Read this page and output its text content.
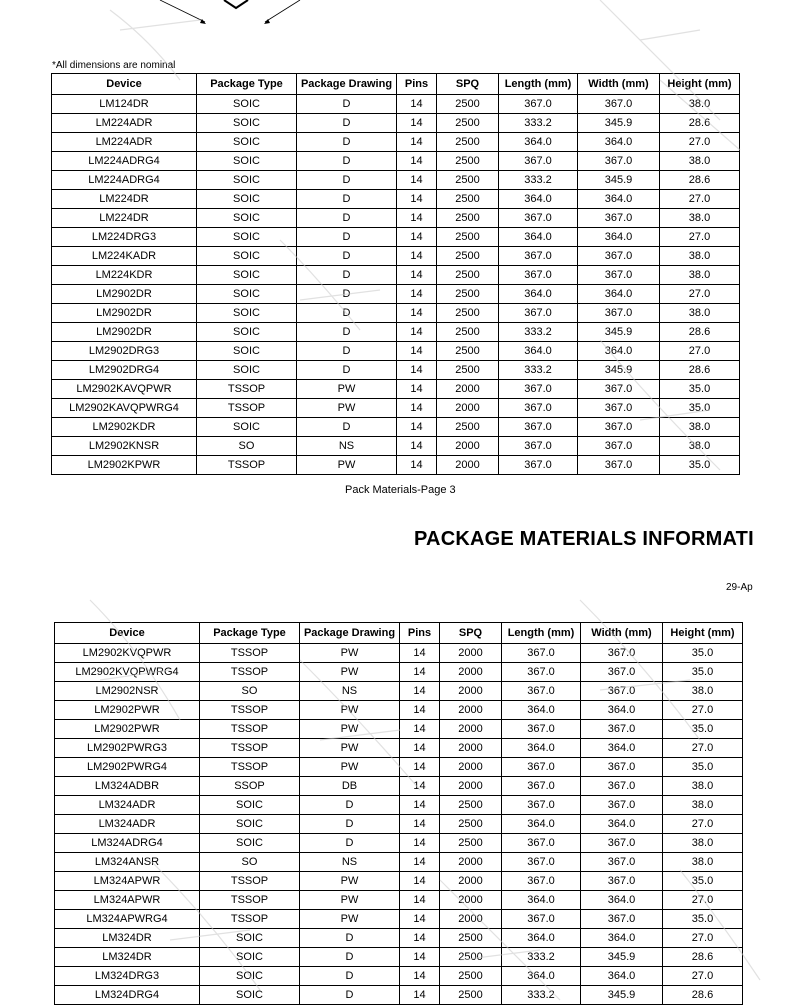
*All dimensions are nominal
Device	Package Type	Package Drawing	Pins	SPQ	Length (mm)	Width (mm)	Height (mm)
LM124DR	SOIC	D	14	2500	367.0	367.0	38.0
LM224ADR	SOIC	D	14	2500	333.2	345.9	28.6
LM224ADR	SOIC	D	14	2500	364.0	364.0	27.0
LM224ADRG4	SOIC	D	14	2500	367.0	367.0	38.0
LM224ADRG4	SOIC	D	14	2500	333.2	345.9	28.6
LM224DR	SOIC	D	14	2500	364.0	364.0	27.0
LM224DR	SOIC	D	14	2500	367.0	367.0	38.0
LM224DRG3	SOIC	D	14	2500	364.0	364.0	27.0
LM224KADR	SOIC	D	14	2500	367.0	367.0	38.0
LM224KDR	SOIC	D	14	2500	367.0	367.0	38.0
LM2902DR	SOIC	D	14	2500	364.0	364.0	27.0
LM2902DR	SOIC	D	14	2500	367.0	367.0	38.0
LM2902DR	SOIC	D	14	2500	333.2	345.9	28.6
LM2902DRG3	SOIC	D	14	2500	364.0	364.0	27.0
LM2902DRG4	SOIC	D	14	2500	333.2	345.9	28.6
LM2902KAVQPWR	TSSOP	PW	14	2000	367.0	367.0	35.0
LM2902KAVQPWRG4	TSSOP	PW	14	2000	367.0	367.0	35.0
LM2902KDR	SOIC	D	14	2500	367.0	367.0	38.0
LM2902KNSR	SO	NS	14	2000	367.0	367.0	38.0
LM2902KPWR	TSSOP	PW	14	2000	367.0	367.0	35.0
Pack Materials-Page 3
PACKAGE MATERIALS INFORMATI
29-Ap
Device	Package Type	Package Drawing	Pins	SPQ	Length (mm)	Width (mm)	Height (mm)
LM2902KVQPWR	TSSOP	PW	14	2000	367.0	367.0	35.0
LM2902KVQPWRG4	TSSOP	PW	14	2000	367.0	367.0	35.0
LM2902NSR	SO	NS	14	2000	367.0	367.0	38.0
LM2902PWR	TSSOP	PW	14	2000	364.0	364.0	27.0
LM2902PWR	TSSOP	PW	14	2000	367.0	367.0	35.0
LM2902PWRG3	TSSOP	PW	14	2000	364.0	364.0	27.0
LM2902PWRG4	TSSOP	PW	14	2000	367.0	367.0	35.0
LM324ADBR	SSOP	DB	14	2000	367.0	367.0	38.0
LM324ADR	SOIC	D	14	2500	367.0	367.0	38.0
LM324ADR	SOIC	D	14	2500	364.0	364.0	27.0
LM324ADRG4	SOIC	D	14	2500	367.0	367.0	38.0
LM324ANSR	SO	NS	14	2000	367.0	367.0	38.0
LM324APWR	TSSOP	PW	14	2000	367.0	367.0	35.0
LM324APWR	TSSOP	PW	14	2000	364.0	364.0	27.0
LM324APWRG4	TSSOP	PW	14	2000	367.0	367.0	35.0
LM324DR	SOIC	D	14	2500	364.0	364.0	27.0
LM324DR	SOIC	D	14	2500	333.2	345.9	28.6
LM324DRG3	SOIC	D	14	2500	364.0	364.0	27.0
LM324DRG4	SOIC	D	14	2500	333.2	345.9	28.6
